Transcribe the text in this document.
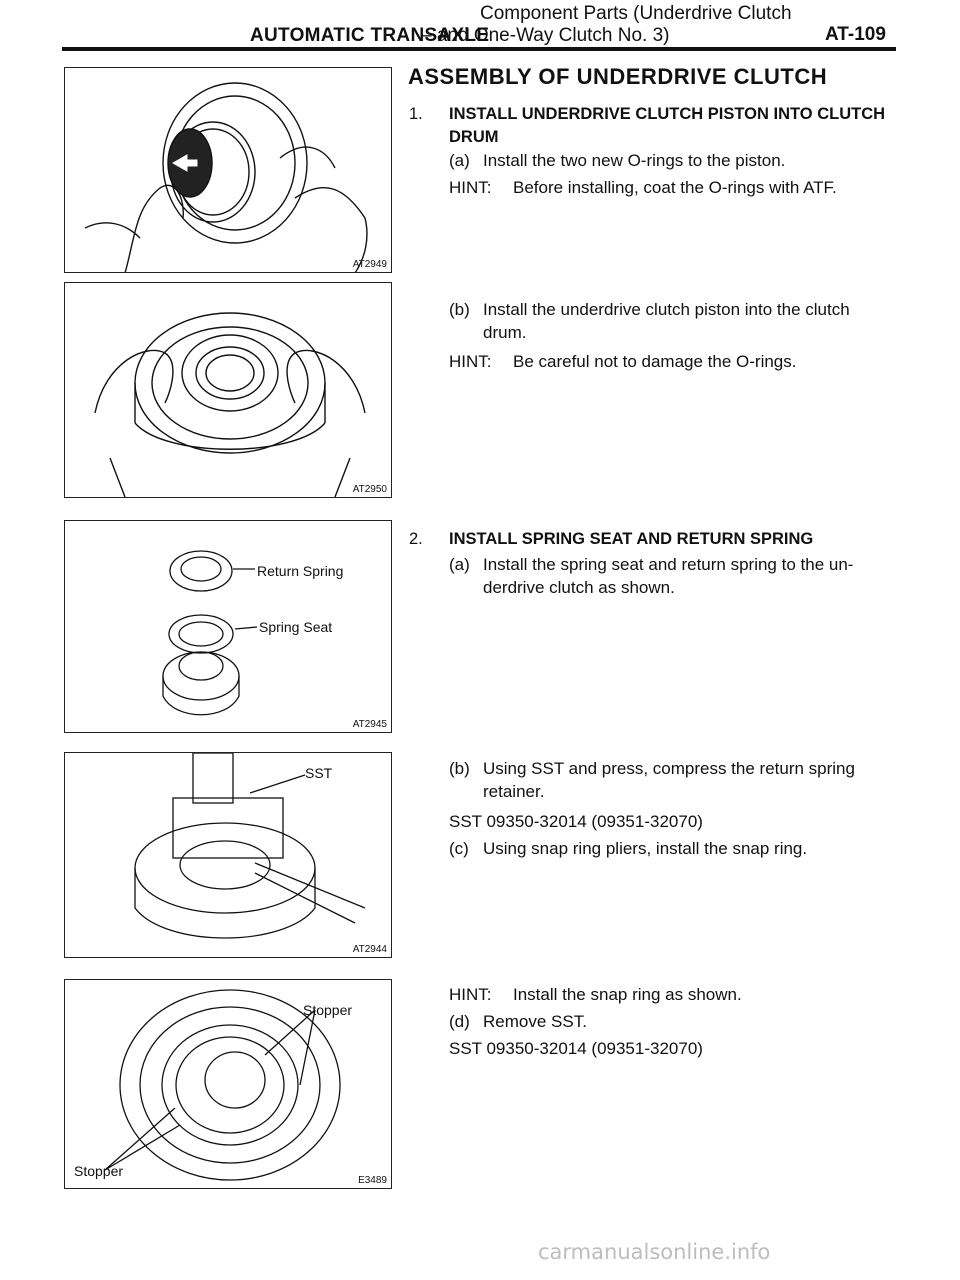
Component Parts (Underdrive Clutch
AUTOMATIC TRANSAXLE
– and One-Way Clutch No. 3)	AT-109
AT2949
AT2950
Return Spring
Spring Seat
AT2945
SST
AT2944
Stopper
Stopper
E3489
ASSEMBLY OF UNDERDRIVE CLUTCH
1. INSTALL UNDERDRIVE CLUTCH PISTON INTO CLUTCH DRUM
(a) Install the two new O-rings to the piston.
HINT: Before installing, coat the O-rings with ATF.
(b) Install the underdrive clutch piston into the clutch drum.
HINT: Be careful not to damage the O-rings.
2. INSTALL SPRING SEAT AND RETURN SPRING
(a) Install the spring seat and return spring to the un-derdrive clutch as shown.
(b) Using SST and press, compress the return spring retainer.
SST 09350-32014 (09351-32070)
(c) Using snap ring pliers, install the snap ring.
HINT: Install the snap ring as shown.
(d) Remove SST.
SST 09350-32014 (09351-32070)
carmanualsonline.info
